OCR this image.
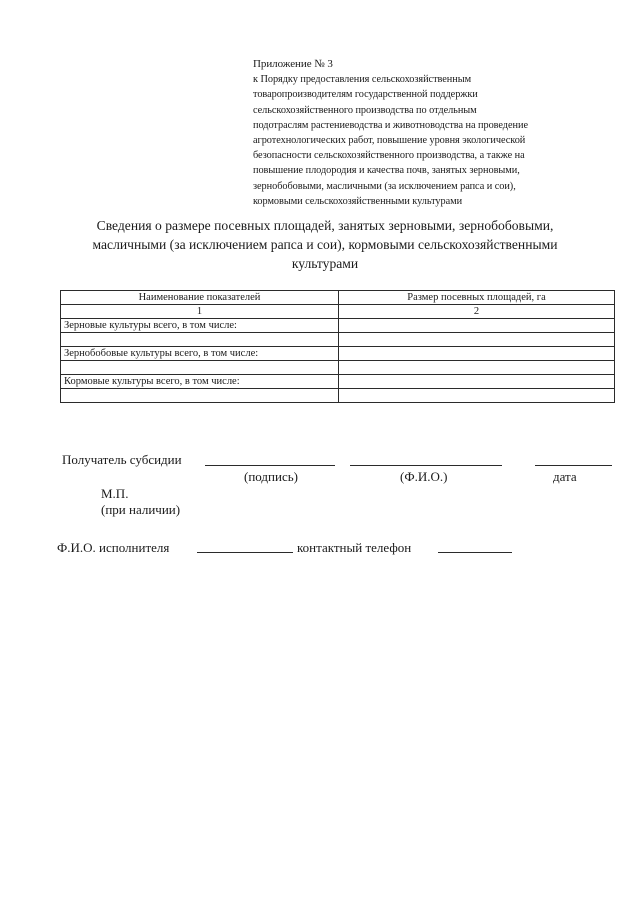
Приложение № 3
к Порядку предоставления сельскохозяйственным
товаропроизводителям государственной поддержки
сельскохозяйственного производства по отдельным
подотраслям растениеводства и животноводства на проведение
агротехнологических работ, повышение уровня экологической
безопасности сельскохозяйственного производства, а также на
повышение плодородия и качества почв, занятых зерновыми,
зернобобовыми, масличными (за исключением рапса и сои),
кормовыми сельскохозяйственными культурами
Сведения о размере посевных площадей, занятых зерновыми, зернобобовыми,
масличными (за исключением рапса и сои), кормовыми сельскохозяйственными
культурами
Наименование показателей	Размер посевных площадей, га
1	2
Зерновые культуры всего, в том числе:	

Зернобобовые культуры всего, в том числе:	

Кормовые культуры всего, в том числе:	

Получатель субсидии
(подпись)	(Ф.И.О.)	дата
М.П.
(при наличии)
Ф.И.О. исполнителя	контактный телефон
